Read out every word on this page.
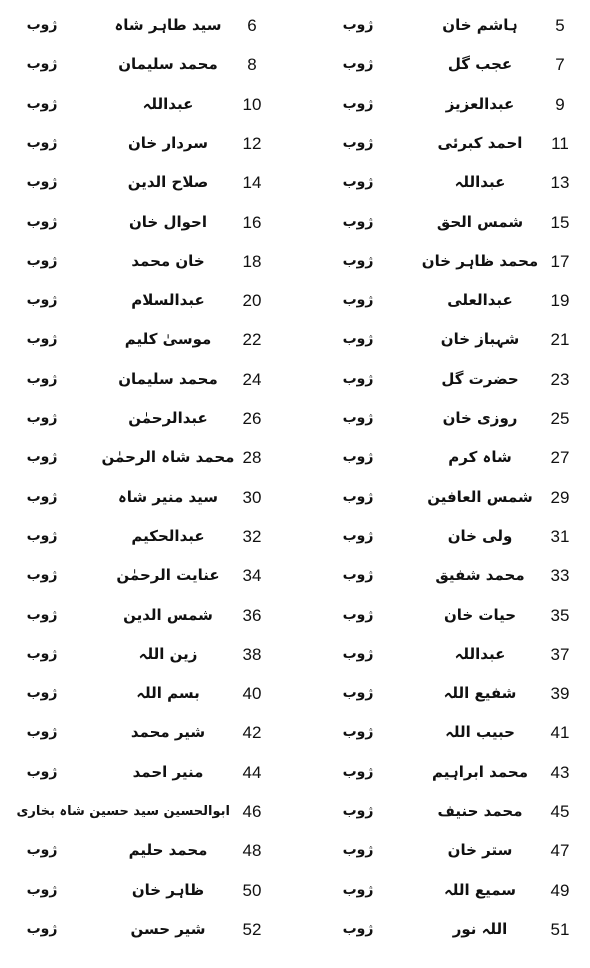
5
ہاشم خان
ژوب
6
سید طاہر شاہ
ژوب
7
عجب گل
ژوب
8
محمد سلیمان
ژوب
9
عبدالعزیز
ژوب
10
عبداللہ
ژوب
11
احمد کبرئی
ژوب
12
سردار خان
ژوب
13
عبداللہ
ژوب
14
صلاح الدین
ژوب
15
شمس الحق
ژوب
16
احوال خان
ژوب
17
محمد ظاہر خان
ژوب
18
خان محمد
ژوب
19
عبدالعلی
ژوب
20
عبدالسلام
ژوب
21
شہباز خان
ژوب
22
موسیٰ کلیم
ژوب
23
حضرت گل
ژوب
24
محمد سلیمان
ژوب
25
روزی خان
ژوب
26
عبدالرحمٰن
ژوب
27
شاہ کرم
ژوب
28
محمد شاہ الرحمٰن
ژوب
29
شمس العافین
ژوب
30
سید منیر شاہ
ژوب
31
ولی خان
ژوب
32
عبدالحکیم
ژوب
33
محمد شفیق
ژوب
34
عنایت الرحمٰن
ژوب
35
حیات خان
ژوب
36
شمس الدین
ژوب
37
عبداللہ
ژوب
38
زین اللہ
ژوب
39
شفیع اللہ
ژوب
40
بسم اللہ
ژوب
41
حبیب اللہ
ژوب
42
شیر محمد
ژوب
43
محمد ابراہیم
ژوب
44
منیر احمد
ژوب
45
محمد حنیف
ژوب
46
ابوالحسین سید حسین شاہ بخاری
47
ستر خان
ژوب
48
محمد حلیم
ژوب
49
سمیع اللہ
ژوب
50
ظاہر خان
ژوب
51
اللہ نور
ژوب
52
شیر حسن
ژوب
